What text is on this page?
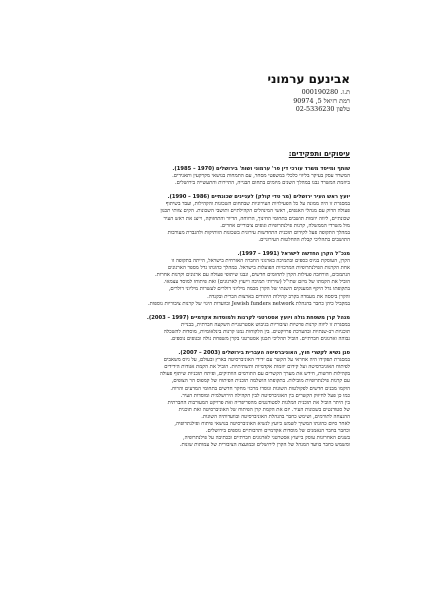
אבינעם ערמוני
ת.ז. 000190280
רמת רזיאל 5, 90974
טלפון 02-5336230
עיסוקים ותפקידים:
שותף ומייסד משרד עורכי דין פר' ערמוני ושות' בירושלים (1970 – 1985).
המשרד עסק בעיקר בליווי כלכלי במשפטי מסחר, עם התמחות בנושאי מקרקעין ותאגידים.
ביוזמת המשרד נבנו במהלך השנים מיזמים בתחום הבנייה, התיירות והתעשייה בירושלים.
יועץ ראש העיר ירושלים (מר טדי קולק) לעניינים שכונתיים (1986 – 1990).
במסגרת זו היה ממונה על כל הפעילויות העירוניות שבתחום השכונות והקהילות, ועבד בשיתוף
פעולה הדוק עם מנהלי האגפים, ראשי המינהלים הקהילתיים ותושבי השכונות. הקים צוותי תכנון
שכונתיים, ליווה יוזמות תושבים בתחומי החינוך, הרווחה, הדיור והתחזוקה, וייצג את ראש העיר
מול משרדי הממשלה, קרנות פילנתרופיות וגופים ציבוריים אחרים.
במהלך התקופה פעל לקידום תוכנית התחדשות עירונית בשכונות הוותיקות ולהגברת מעורבות
התושבים בתהליכי קבלת ההחלטות העירוניים.
מנכ"ל הקרן החדשה לישראל (1991 – 1997).
הקרן, העוסקת בגיוס כספים ובתמיכה בארגוני החברה האזרחית בישראל, הייתה בתקופה זו
אחת הקרנות הפילנתרופיות המרכזיות הפועלות בישראל. במהלך כהונתו גדל מספר הארגונים
הנתמכים, הורחבה פעילות הקרן לתחומים חדשים, ונבנו שיתופי פעולה עם ארגונים וקרנות אחרות.
הוביל את הקמתו של מיזם שתי"ל (שירותי תמיכה וייעוץ לארגונים) ואת פיתוחו למוסד עצמאי.
בתקופתו גדל היקף המענקים השנתי של הקרן מכמה מיליוני דולרים לעשרות מיליוני דולרים,
והקרן ביססה את מעמדה בקרב קהילות היהודים בארצות הברית ובקנדה.
במקביל כיהן כחבר בהנהלת Jewish funders network ובוועדות היגוי של קרנות ציבוריות נוספות.
מנהל קרן משפחת גולה ויועץ אסטרטגי לקרנות ולמוסדות אקדמיים (1997 – 2003).
במסגרת זו ליווה קרנות פרטיות וציבוריות בגיבוש אסטרטגיית השקעה חברתית, בבניית
תוכניות רב-שנתיות ובהערכת פרויקטים. בין הלקוחות נמנו קרנות בינלאומיות, מוסדות להשכלה
גבוהה וארגונים חברתיים. הוביל תהליכי תכנון אסטרטגי בקרן משפחת גולה ובגופים נוספים.
סגן נשיא לקשרי חוץ, האוניברסיטה העברית בירושלים (2003 – 2007).
במסגרת תפקידו היה אחראי על הקשר עם ידידי האוניברסיטה בארץ ובעולם, על גיוס משאבים
לפיתוח האוניברסיטה ועל קידום יוזמות אקדמיות ותשתיתיות. הוביל את הקמת אגודות הידידים
בקהילות חדשות, חידש את מערך הקשרים עם התורמים הוותיקים, ופיתח תוכניות שיתוף פעולה
עם קרנות פילנתרופיות מובילות. בתקופתו הושלמה תוכנית הפיתוח של קמפוס הר הצופים,
הוקמו מבנים חדשים לפקולטות השונות ונוסדו מרכזי מחקר חדשים בתחומי המדעים והרוח.
כמו כן פעל לחיזוק הקשרים בין האוניברסיטה לבין הקהילה הירושלמית ומוסדות העיר.
בין היתר הוביל את תוכנית המלגות לסטודנטים מהפריפריה ואת פרויקט המעורבות החברתית
של סטודנטים בשכונות העיר. יזם את הקמת קרן הפיתוח של האוניברסיטה ואת תוכנית
ההנצחה לתורמים, ושימש כחבר בהנהלת האוניברסיטה ובוועדותיה השונות.
לאחר סיום כהונתו המשיך לשמש כיועץ לנשיא האוניברסיטה בנושאי פיתוח ופילנתרופיה,
וכחבר בחבר הנאמנים של מוסדות אקדמיים ותרבותיים נוספים בירושלים.
בשנים האחרונות עוסק בייעוץ אסטרטגי לארגונים חברתיים ובכתיבה על פילנתרופיה,
ומשמש כחבר בוועד המנהל של הקרן לירושלים ובמועצה הציבורית של עמותות שונות.
